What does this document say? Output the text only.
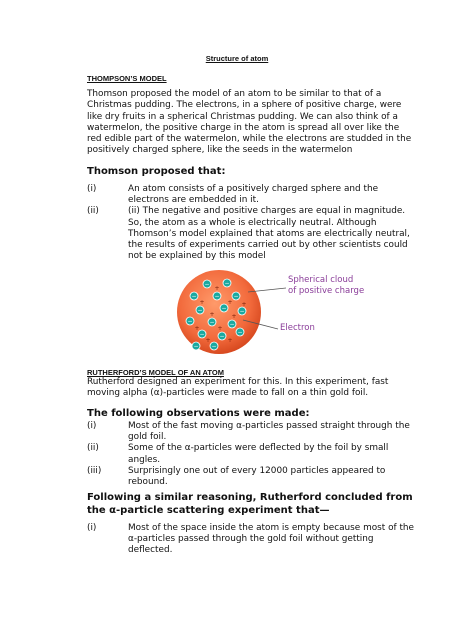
Structure of atom
THOMPSON’S MODEL
Thomson proposed the model of an atom to be similar to that of a Christmas pudding. The electrons, in a sphere of positive charge, were like dry fruits in a spherical Christmas pudding. We can also think of a watermelon, the positive charge in the atom is spread all over like the red edible part of the watermelon, while the electrons are studded in the positively charged sphere, like the seeds in the watermelon
Thomson proposed that:
(i)	An atom consists of a positively charged sphere and the electrons are embedded in it.
(ii)	(ii) The negative and positive charges are equal in magnitude. So, the atom as a whole is electrically neutral. Although Thomson’s model explained that atoms are electrically neutral, the results of experiments carried out by other scientists could not be explained by this model
− −
−	− −
−	− −
−	− −
− −
−
−
−
+
+	+
+	+
+	+
+	+
+
Spherical cloud
of positive charge
Electron
RUTHERFORD’S MODEL OF AN ATOM
Rutherford designed an experiment for this. In this experiment, fast moving alpha (α)-particles were made to fall on a thin gold foil.
The following observations were made:
(i)	Most of the fast moving α-particles passed straight through the gold foil.
(ii)	Some of the α-particles were deflected by the foil by small angles.
(iii)	Surprisingly one out of every 12000 particles appeared to rebound.
Following a similar reasoning, Rutherford concluded from the α-particle scattering experiment that—
(i)	Most of the space inside the atom is empty because most of the α-particles passed through the gold foil without getting deflected.
